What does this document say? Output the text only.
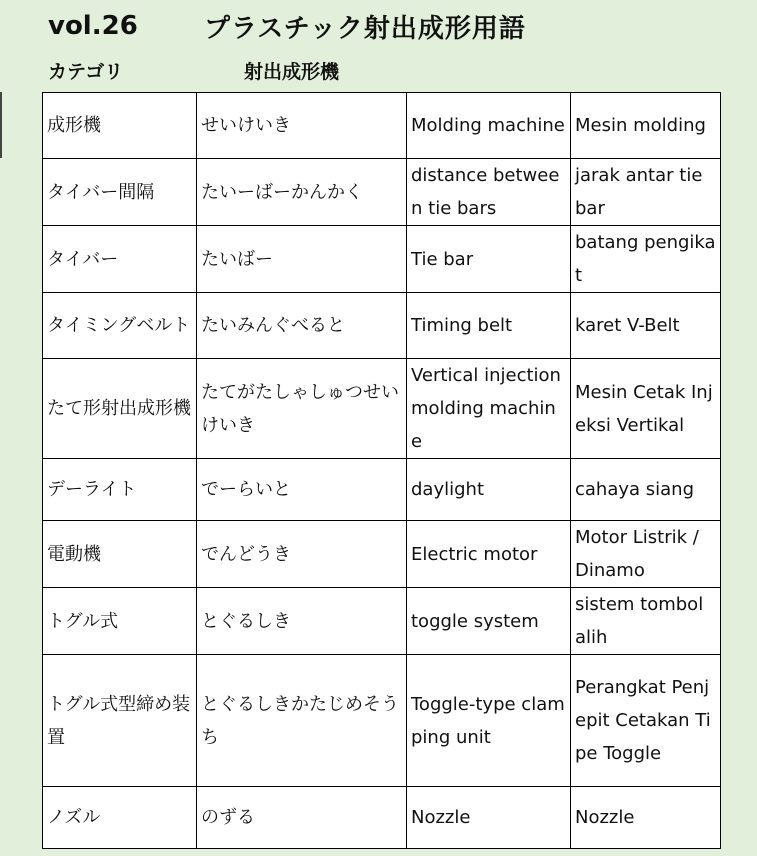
vol.26	プラスチック射出成形用語
カテゴリ	射出成形機
成形機	せいけいき	Molding machine	Mesin molding
タイバー間隔	たいーばーかんかく	distance between tie bars	jarak antar tie bar
タイバー	たいばー	Tie bar	batang pengikat
タイミングベルト	たいみんぐべると	Timing belt	karet V-Belt
たて形射出成形機	たてがたしゃしゅつせいけいき	Vertical injection molding machine	Mesin Cetak Injeksi Vertikal
デーライト	でーらいと	daylight	cahaya siang
電動機	でんどうき	Electric motor	Motor Listrik / Dinamo
トグル式	とぐるしき	toggle system	sistem tombol alih
トグル式型締め装置	とぐるしきかたじめそうち	Toggle-type clamping unit	Perangkat Penjepit Cetakan Tipe Toggle
ノズル	のずる	Nozzle	Nozzle
